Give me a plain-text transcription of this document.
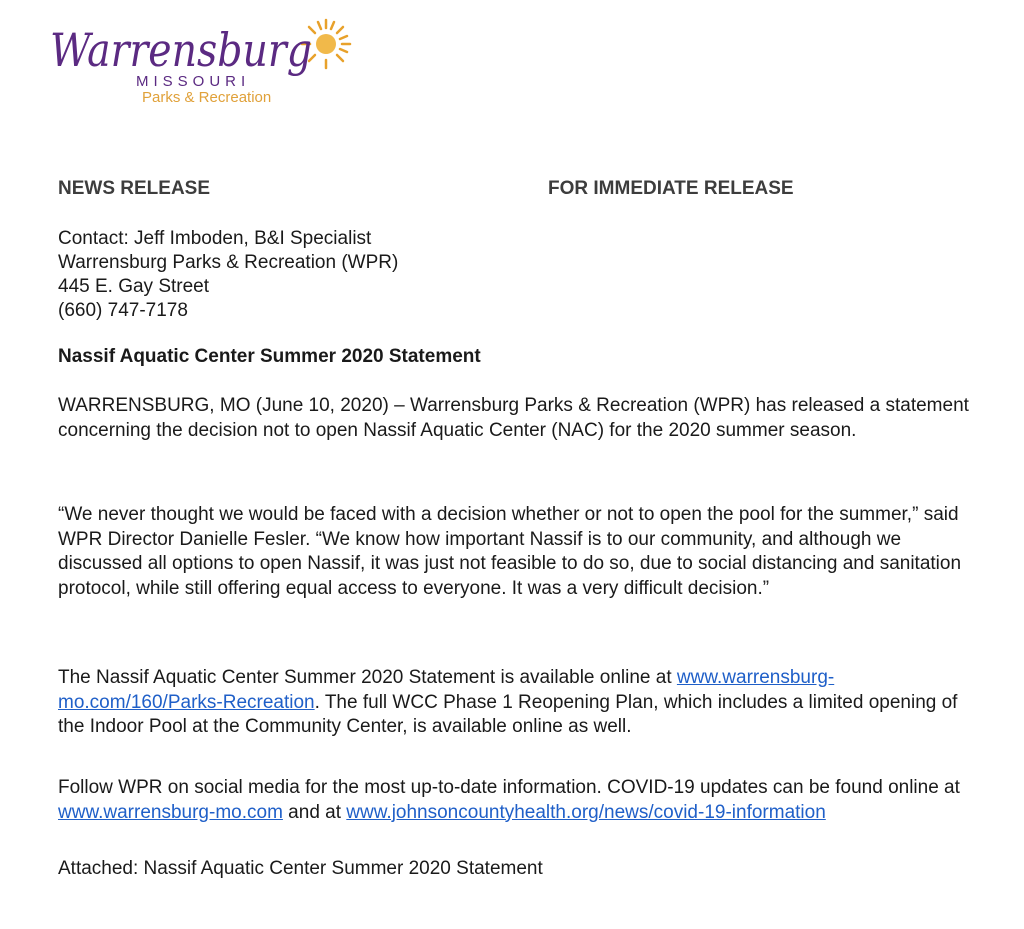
Warrensburg
MISSOURI
Parks & Recreation
NEWS RELEASE	FOR IMMEDIATE RELEASE
Contact: Jeff Imboden, B&I Specialist
Warrensburg Parks & Recreation (WPR)
445 E. Gay Street
(660) 747-7178
Nassif Aquatic Center Summer 2020 Statement
WARRENSBURG, MO (June 10, 2020) – Warrensburg Parks & Recreation (WPR) has released a statement concerning the decision not to open Nassif Aquatic Center (NAC) for the 2020 summer season.
“We never thought we would be faced with a decision whether or not to open the pool for the summer,” said WPR Director Danielle Fesler. “We know how important Nassif is to our community, and although we discussed all options to open Nassif, it was just not feasible to do so, due to social distancing and sanitation protocol, while still offering equal access to everyone. It was a very difficult decision.”
The Nassif Aquatic Center Summer 2020 Statement is available online at www.warrensburg-mo.com/160/Parks-Recreation. The full WCC Phase 1 Reopening Plan, which includes a limited opening of the Indoor Pool at the Community Center, is available online as well.
Follow WPR on social media for the most up-to-date information. COVID-19 updates can be found online at www.warrensburg-mo.com and at www.johnsoncountyhealth.org/news/covid-19-information
Attached: Nassif Aquatic Center Summer 2020 Statement
